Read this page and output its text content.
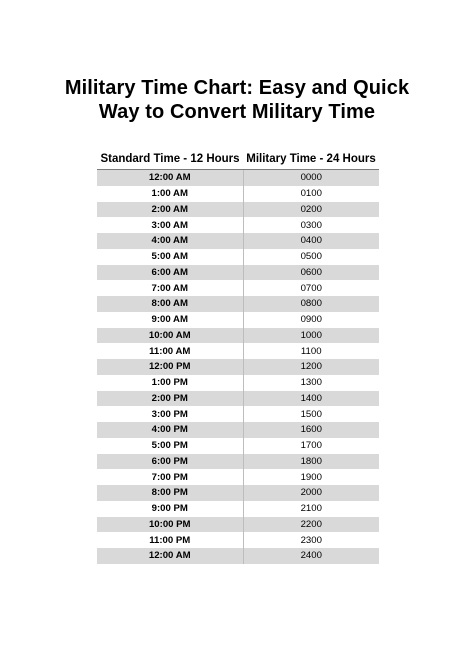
Military Time Chart: Easy and Quick
Way to Convert Military Time
Standard Time - 12 Hours	Military Time - 24 Hours
12:00 AM	0000
1:00 AM	0100
2:00 AM	0200
3:00 AM	0300
4:00 AM	0400
5:00 AM	0500
6:00 AM	0600
7:00 AM	0700
8:00 AM	0800
9:00 AM	0900
10:00 AM	1000
11:00 AM	1100
12:00 PM	1200
1:00 PM	1300
2:00 PM	1400
3:00 PM	1500
4:00 PM	1600
5:00 PM	1700
6:00 PM	1800
7:00 PM	1900
8:00 PM	2000
9:00 PM	2100
10:00 PM	2200
11:00 PM	2300
12:00 AM	2400
